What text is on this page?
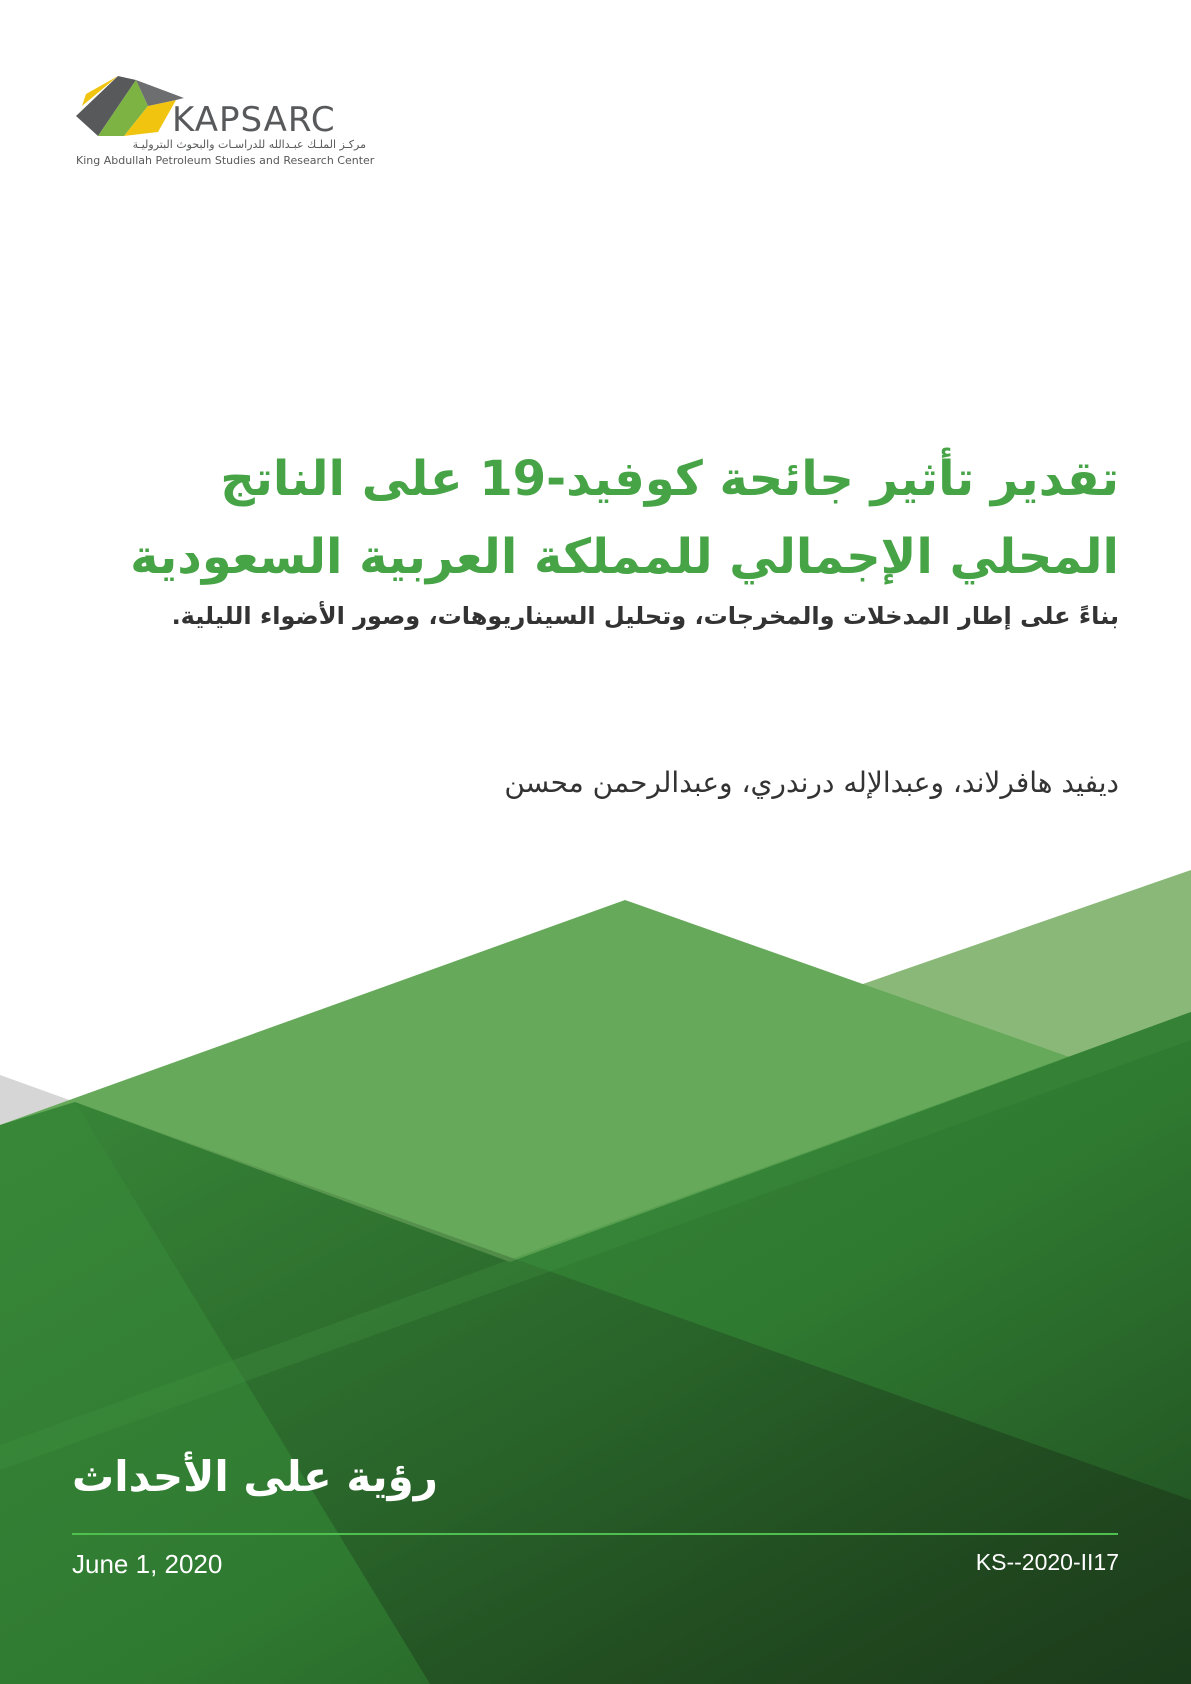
KAPSARC
مركـز الملـك عبـدالله للدراسـات والبحوث البتروليـة
King Abdullah Petroleum Studies and Research Center
تقدير تأثير جائحة كوفيد-19 على الناتج
المحلي الإجمالي للمملكة العربية السعودية

بناءً على إطار المدخلات والمخرجات، وتحليل السيناريوهات، وصور الأضواء الليلية.

ديفيد هافرلاند، وعبدالإله درندري، وعبدالرحمن محسن

رؤية على الأحداث

June 1, 2020	KS--2020-II17
